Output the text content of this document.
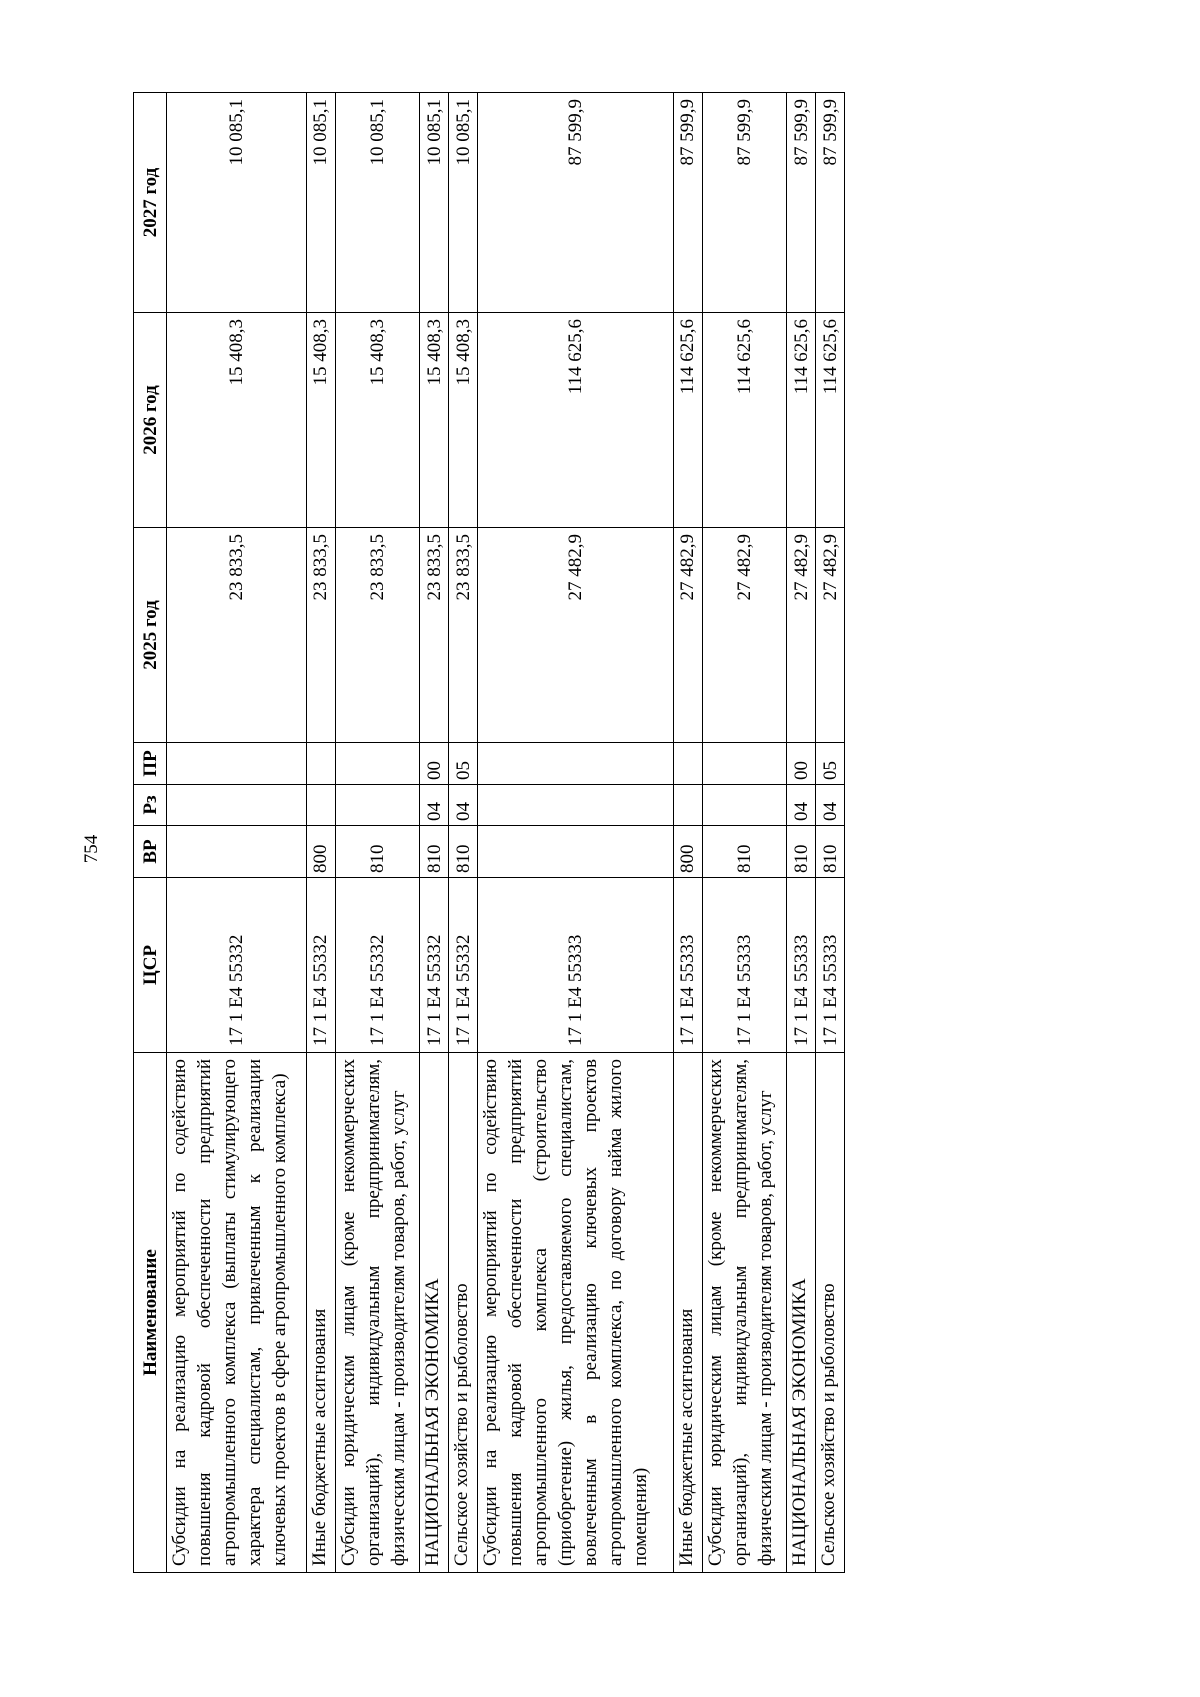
754
Наименование	ЦСР	ВР	Рз	ПР	2025 год	2026 год	2027 год
Субсидии на реализацию мероприятий по содействию повышения кадровой обеспеченности предприятий агропромышленного комплекса (выплаты стимулирующего характера специалистам, привлеченным к реализации ключевых проектов в сфере агропромышленного комплекса)	17 1 Е4 55332				23 833,5	15 408,3	10 085,1
Иные бюджетные ассигнования	17 1 Е4 55332	800			23 833,5	15 408,3	10 085,1
Субсидии юридическим лицам (кроме некоммерческих организаций), индивидуальным предпринимателям, физическим лицам - производителям товаров, работ, услуг	17 1 Е4 55332	810			23 833,5	15 408,3	10 085,1
НАЦИОНАЛЬНАЯ ЭКОНОМИКА	17 1 Е4 55332	810	04	00	23 833,5	15 408,3	10 085,1
Сельское хозяйство и рыболовство	17 1 Е4 55332	810	04	05	23 833,5	15 408,3	10 085,1
Субсидии на реализацию мероприятий по содействию повышения кадровой обеспеченности предприятий агропромышленного комплекса (строительство (приобретение) жилья, предоставляемого специалистам, вовлеченным в реализацию ключевых проектов агропромышленного комплекса, по договору найма жилого помещения)	17 1 Е4 55333				27 482,9	114 625,6	87 599,9
Иные бюджетные ассигнования	17 1 Е4 55333	800			27 482,9	114 625,6	87 599,9
Субсидии юридическим лицам (кроме некоммерческих организаций), индивидуальным предпринимателям, физическим лицам - производителям товаров, работ, услуг	17 1 Е4 55333	810			27 482,9	114 625,6	87 599,9
НАЦИОНАЛЬНАЯ ЭКОНОМИКА	17 1 Е4 55333	810	04	00	27 482,9	114 625,6	87 599,9
Сельское хозяйство и рыболовство	17 1 Е4 55333	810	04	05	27 482,9	114 625,6	87 599,9
